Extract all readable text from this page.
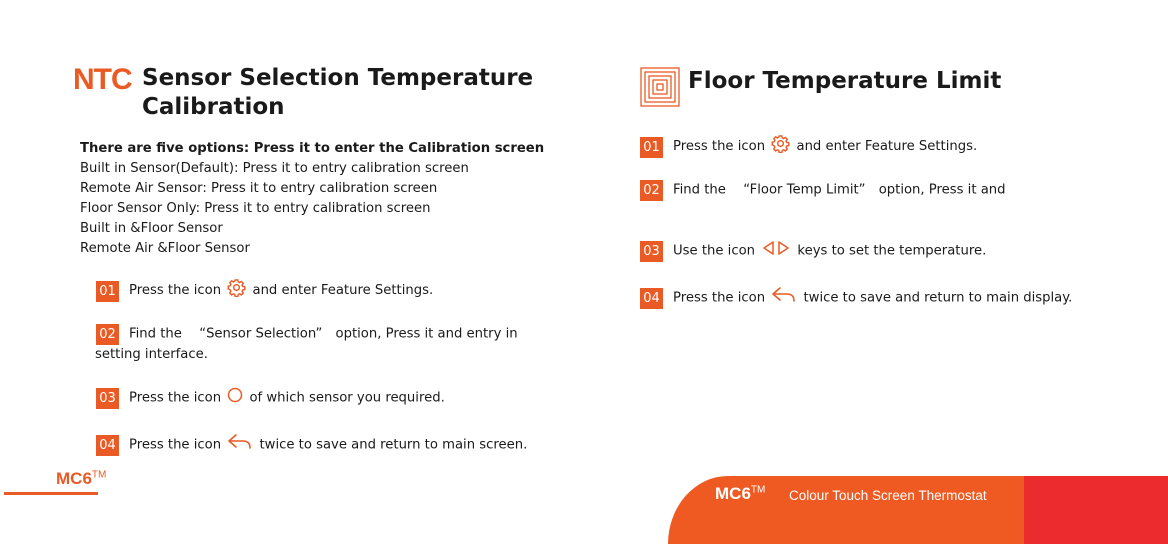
NTC Sensor Selection Temperature Calibration
There are five options: Press it to enter the Calibration screen
Built in Sensor(Default): Press it to entry calibration screen
Remote Air Sensor: Press it to entry calibration screen
Floor Sensor Only: Press it to entry calibration screen
Built in &Floor Sensor
Remote Air &Floor Sensor
01 Press the icon and enter Feature Settings.
02 Find the 　“Sensor Selection”　option, Press it and entry in
setting interface.
03 Press the icon of which sensor you required.
04 Press the icon	twice to save and return to main screen.
MC6™
Floor Temperature Limit
01 Press the icon and enter Feature Settings.
02 Find the 　“Floor Temp Limit”　option, Press it and
03 Use the icon	keys to set the temperature.
04 Press the icon	twice to save and return to main display.
MC6™ Colour Touch Screen Thermostat
